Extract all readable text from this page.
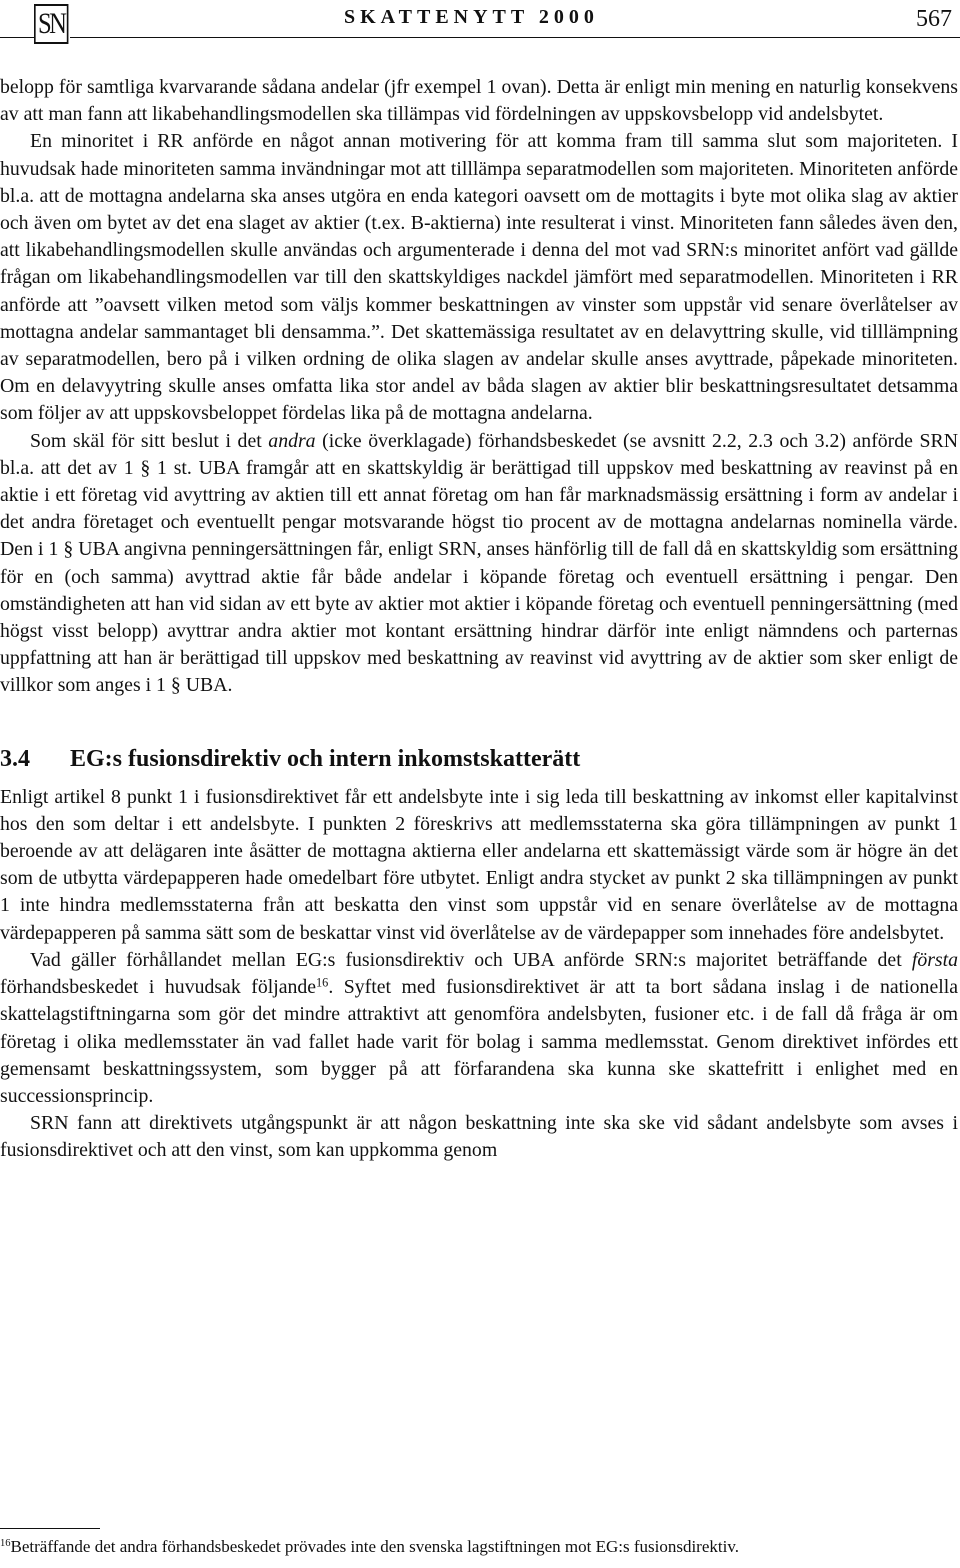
SN	SKATTENYTT 2000	567

belopp för samtliga kvarvarande sådana andelar (jfr exempel 1 ovan). Detta är enligt min mening en naturlig konsekvens av att man fann att likabehandlingsmodellen ska tillämpas vid fördelningen av uppskovsbelopp vid andelsbytet.

En minoritet i RR anförde en något annan motivering för att komma fram till samma slut som majoriteten. I huvudsak hade minoriteten samma invändningar mot att tilllämpa separatmodellen som majoriteten. Minoriteten anförde bl.a. att de mottagna andelarna ska anses utgöra en enda kategori oavsett om de mottagits i byte mot olika slag av aktier och även om bytet av det ena slaget av aktier (t.ex. B-aktierna) inte resulterat i vinst. Minoriteten fann således även den, att likabehandlingsmodellen skulle användas och argumenterade i denna del mot vad SRN:s minoritet anfört vad gällde frågan om likabehandlingsmodellen var till den skattskyldiges nackdel jämfört med separatmodellen. Minoriteten i RR anförde att ”oavsett vilken metod som väljs kommer beskattningen av vinster som uppstår vid senare överlåtelser av mottagna andelar sammantaget bli densamma.”. Det skattemässiga resultatet av en delavyttring skulle, vid tilllämpning av separatmodellen, bero på i vilken ordning de olika slagen av andelar skulle anses avyttrade, påpekade minoriteten. Om en delavyytring skulle anses omfatta lika stor andel av båda slagen av aktier blir beskattningsresultatet detsamma som följer av att uppskovsbeloppet fördelas lika på de mottagna andelarna.

Som skäl för sitt beslut i det andra (icke överklagade) förhandsbeskedet (se avsnitt 2.2, 2.3 och 3.2) anförde SRN bl.a. att det av 1 § 1 st. UBA framgår att en skattskyldig är berättigad till uppskov med beskattning av reavinst på en aktie i ett företag vid avyttring av aktien till ett annat företag om han får marknadsmässig ersättning i form av andelar i det andra företaget och eventuellt pengar motsvarande högst tio procent av de mottagna andelarnas nominella värde. Den i 1 § UBA angivna penningersättningen får, enligt SRN, anses hänförlig till de fall då en skattskyldig som ersättning för en (och samma) avyttrad aktie får både andelar i köpande företag och eventuell ersättning i pengar. Den omständigheten att han vid sidan av ett byte av aktier mot aktier i köpande företag och eventuell penningersättning (med högst visst belopp) avyttrar andra aktier mot kontant ersättning hindrar därför inte enligt nämndens och parternas uppfattning att han är berättigad till uppskov med beskattning av reavinst vid avyttring av de aktier som sker enligt de villkor som anges i 1 § UBA.

3.4 EG:s fusionsdirektiv och intern inkomstskatterätt

Enligt artikel 8 punkt 1 i fusionsdirektivet får ett andelsbyte inte i sig leda till beskattning av inkomst eller kapitalvinst hos den som deltar i ett andelsbyte. I punkten 2 föreskrivs att medlemsstaterna ska göra tillämpningen av punkt 1 beroende av att delägaren inte åsätter de mottagna aktierna eller andelarna ett skattemässigt värde som är högre än det som de utbytta värdepapperen hade omedelbart före utbytet. Enligt andra stycket av punkt 2 ska tillämpningen av punkt 1 inte hindra medlemsstaterna från att beskatta den vinst som uppstår vid en senare överlåtelse av de mottagna värdepapperen på samma sätt som de beskattar vinst vid överlåtelse av de värdepapper som innehades före andelsbytet.

Vad gäller förhållandet mellan EG:s fusionsdirektiv och UBA anförde SRN:s majoritet beträffande det första förhandsbeskedet i huvudsak följande$^{16}$. Syftet med fusionsdirektivet är att ta bort sådana inslag i de nationella skattelagstiftningarna som gör det mindre attraktivt att genomföra andelsbyten, fusioner etc. i de fall då fråga är om företag i olika medlemsstater än vad fallet hade varit för bolag i samma medlemsstat. Genom direktivet infördes ett gemensamt beskattningssystem, som bygger på att förfarandena ska kunna ske skattefritt i enlighet med en successionsprincip.

SRN fann att direktivets utgångspunkt är att någon beskattning inte ska ske vid sådant andelsbyte som avses i fusionsdirektivet och att den vinst, som kan uppkomma genom

$^{16}$Beträffande det andra förhandsbeskedet prövades inte den svenska lagstiftningen mot EG:s fusionsdirektiv.
